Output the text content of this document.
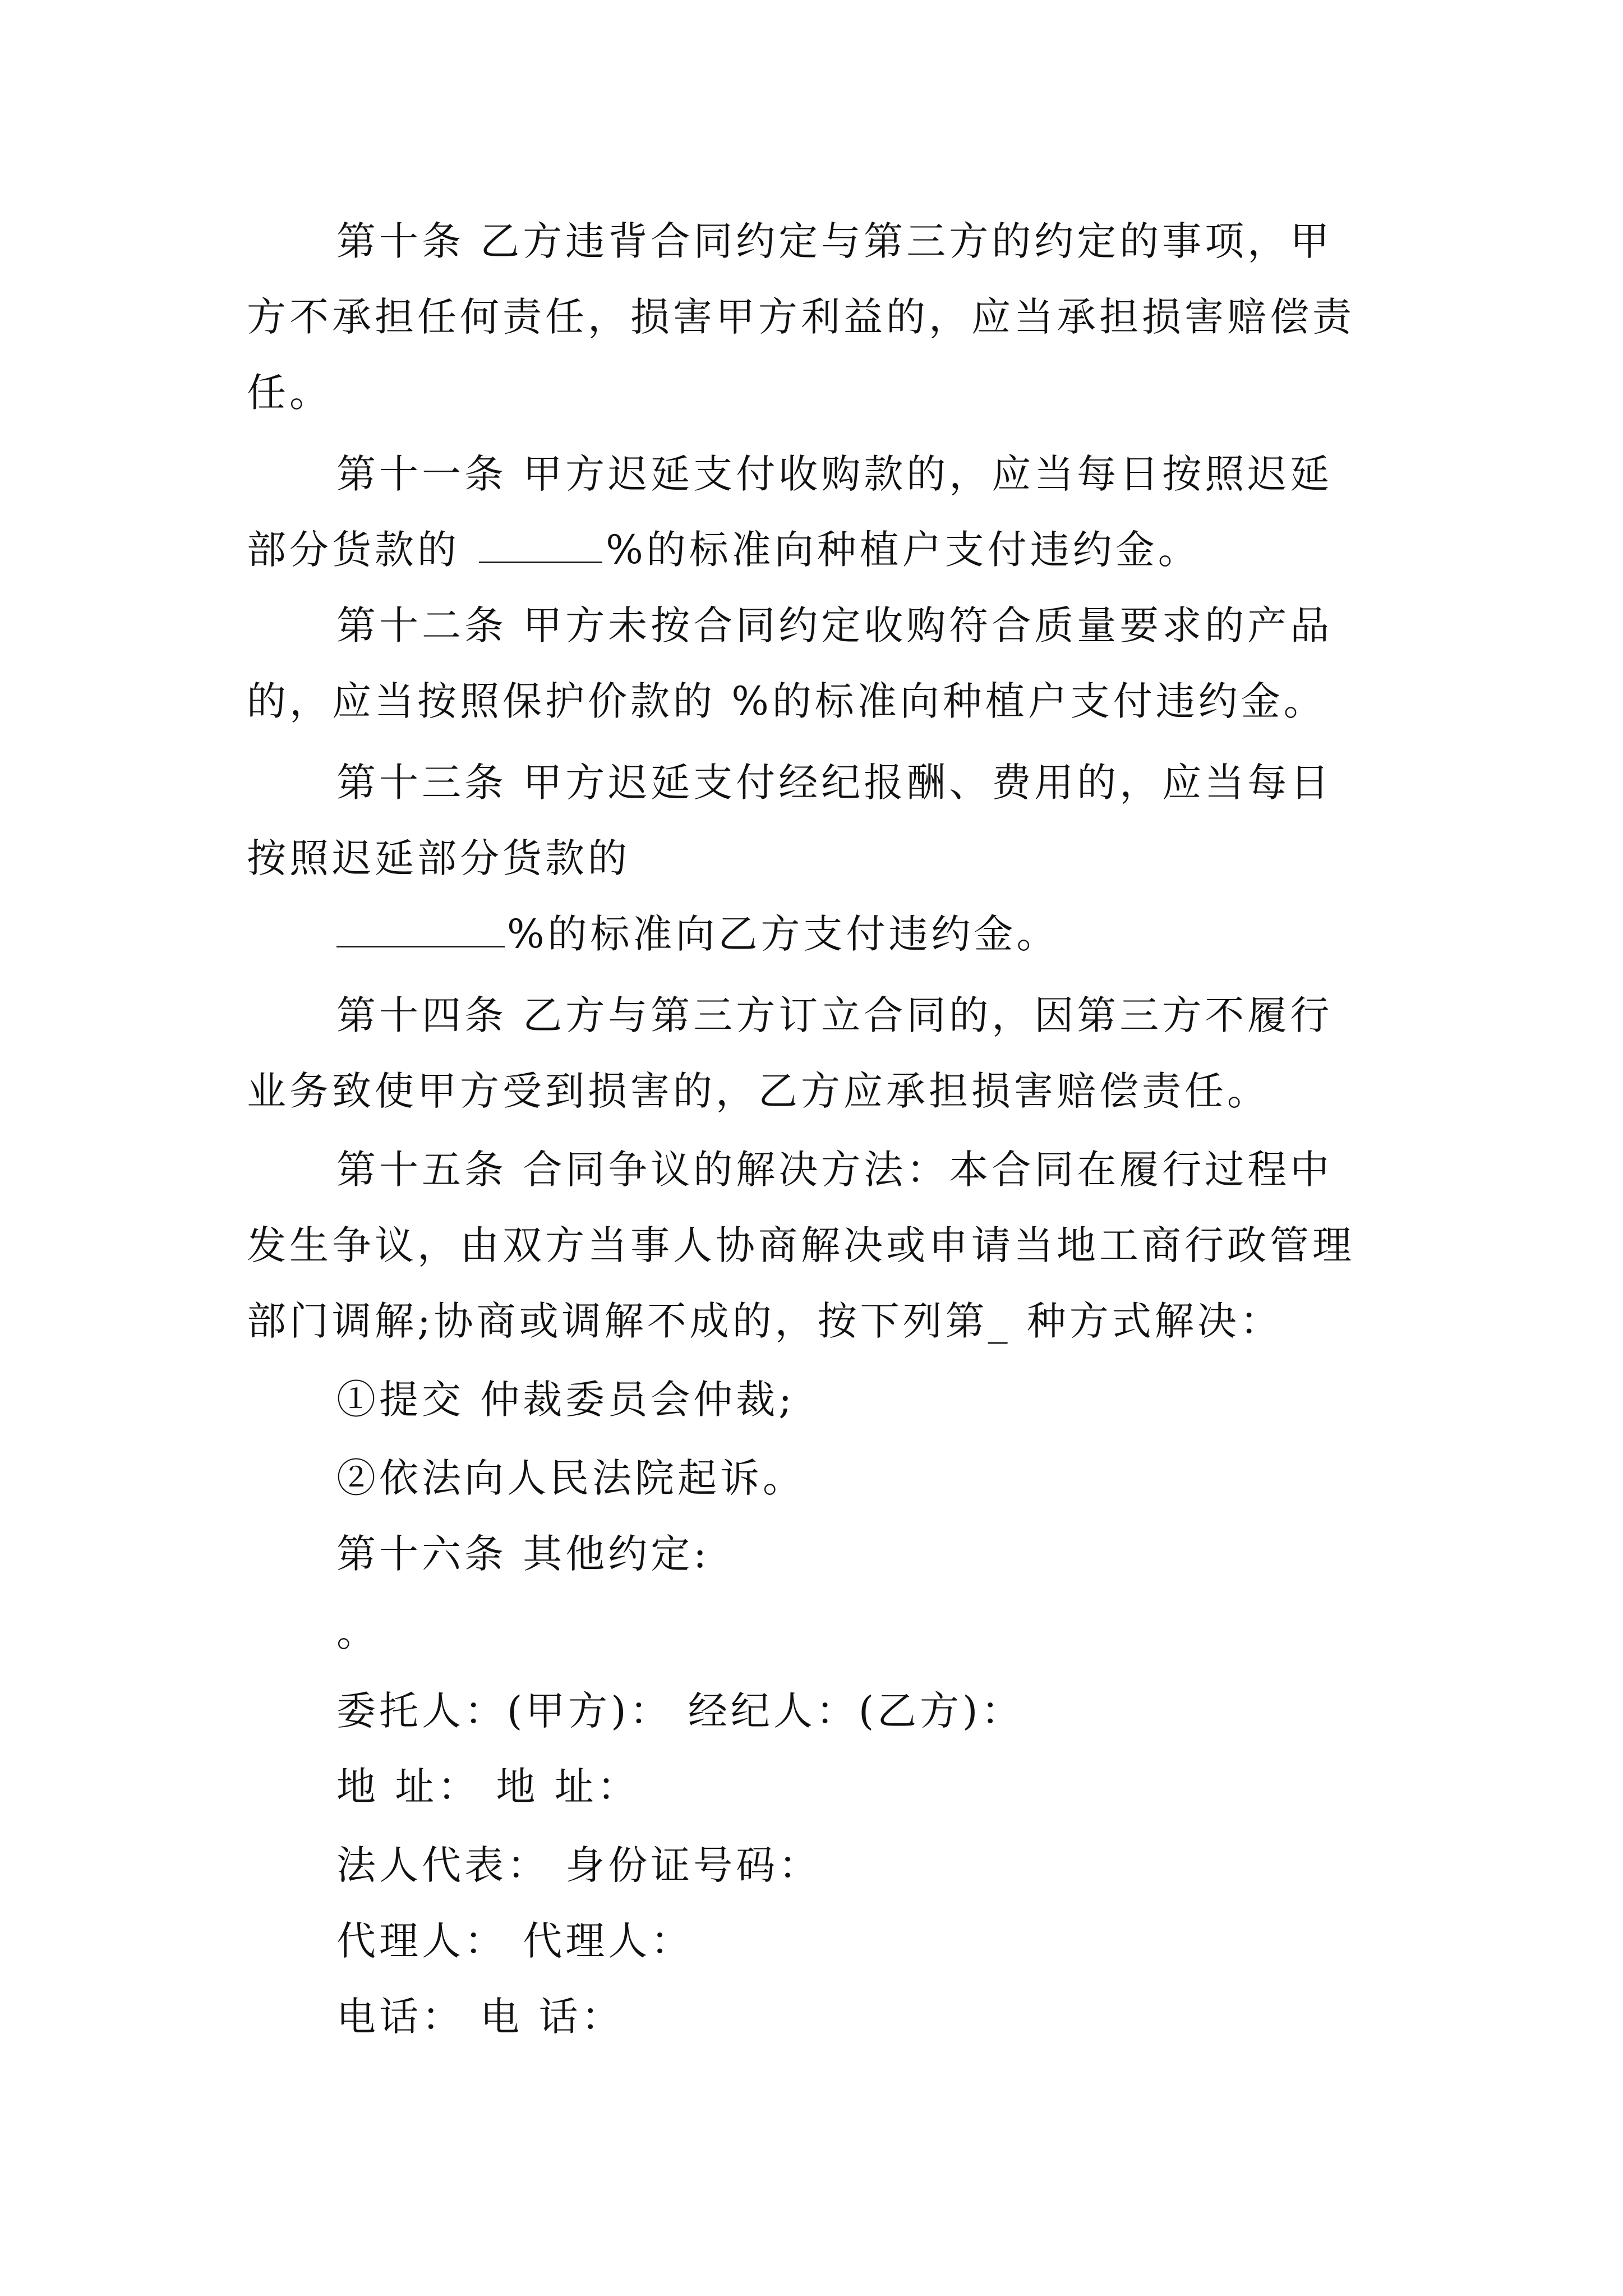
第十条 乙方违背合同约定与第三方的约定的事项，甲
方不承担任何责任，损害甲方利益的，应当承担损害赔偿责
任。
第十一条 甲方迟延支付收购款的，应当每日按照迟延
部分货款的	%的标准向种植户支付违约金。
第十二条 甲方未按合同约定收购符合质量要求的产品
的，应当按照保护价款的 %的标准向种植户支付违约金。
第十三条 甲方迟延支付经纪报酬、费用的，应当每日
按照迟延部分货款的
%的标准向乙方支付违约金。
第十四条 乙方与第三方订立合同的，因第三方不履行
业务致使甲方受到损害的，乙方应承担损害赔偿责任。
第十五条 合同争议的解决方法：本合同在履行过程中
发生争议，由双方当事人协商解决或申请当地工商行政管理
部门调解;协商或调解不成的，按下列第_ 种方式解决：
①提交 仲裁委员会仲裁;
②依法向人民法院起诉。
第十六条 其他约定:
。
委托人：(甲方)： 经纪人：(乙方)：
地 址： 地 址：
法人代表： 身份证号码：
代理人： 代理人：
电话： 电 话：
